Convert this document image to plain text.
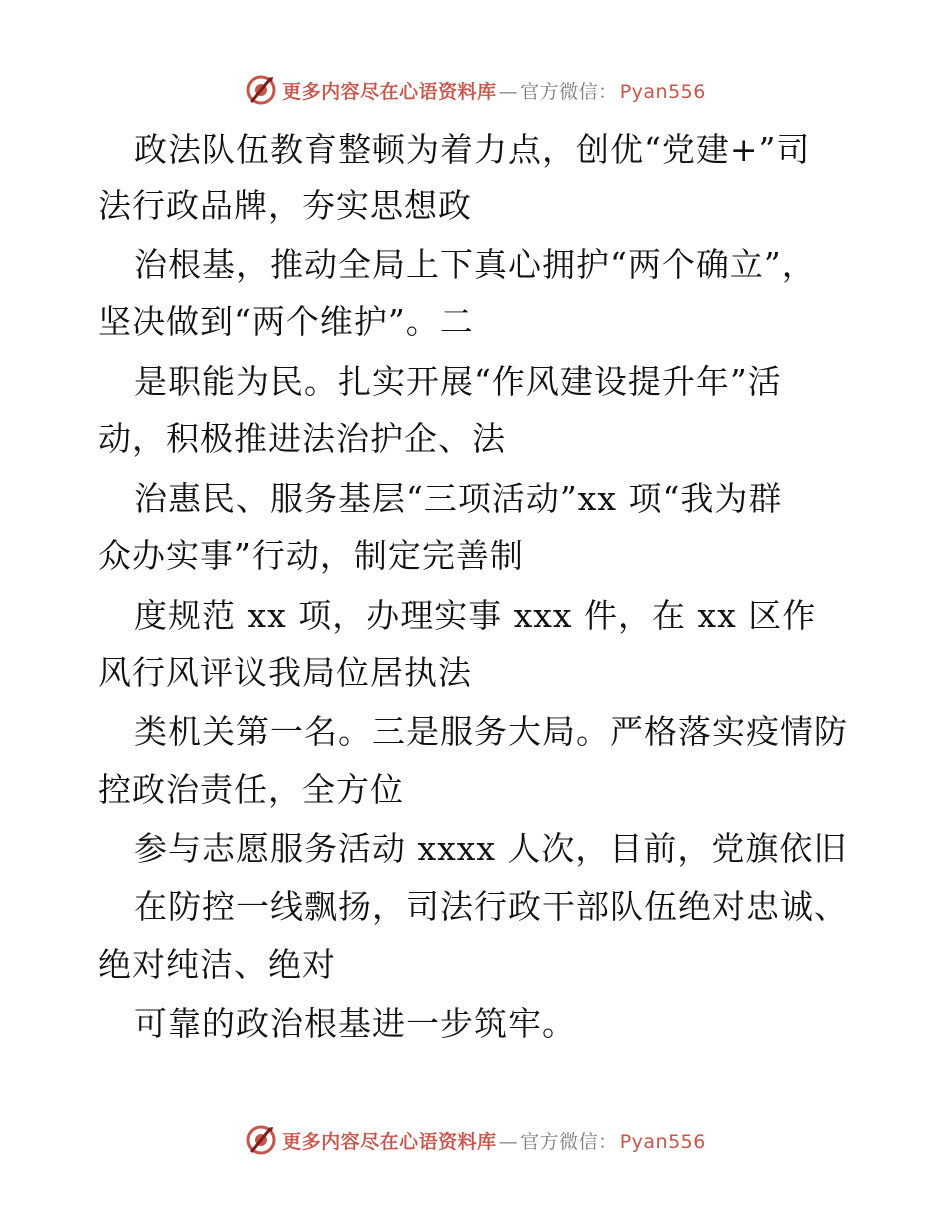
更多内容尽在心语资料库 — 官方微信： Pyan556
政法队伍教育整顿为着力点，创优“党建+”司
法行政品牌，夯实思想政
治根基，推动全局上下真心拥护“两个确立”，
坚决做到“两个维护”。二
是职能为民。扎实开展“作风建设提升年”活
动，积极推进法治护企、法
治惠民、服务基层“三项活动”xx 项“我为群
众办实事”行动，制定完善制
度规范 xx 项，办理实事 xxx 件，在 xx 区作
风行风评议我局位居执法
类机关第一名。三是服务大局。严格落实疫情防
控政治责任，全方位
参与志愿服务活动 xxxx 人次，目前，党旗依旧
在防控一线飘扬，司法行政干部队伍绝对忠诚、
绝对纯洁、绝对
可靠的政治根基进一步筑牢。
更多内容尽在心语资料库 — 官方微信： Pyan556
